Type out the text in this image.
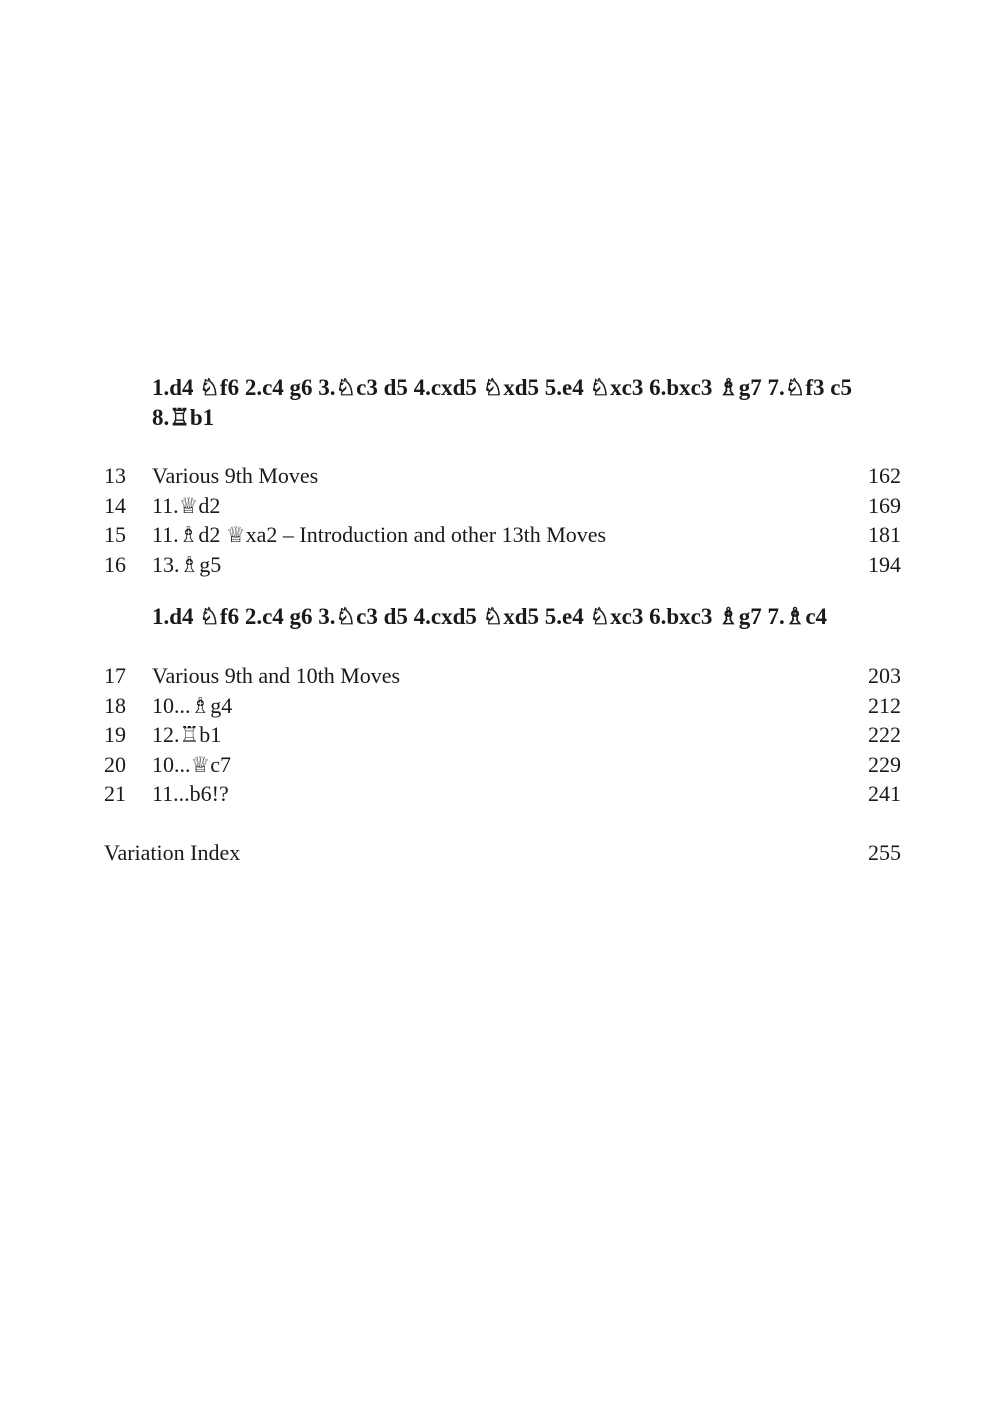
1.d4 ♘f6 2.c4 g6 3.♘c3 d5 4.cxd5 ♘xd5 5.e4 ♘xc3 6.bxc3 ♗g7 7.♘f3 c5 8.♖b1
13	Various 9th Moves	162
14	11.♕d2	169
15	11.♗d2 ♕xa2 – Introduction and other 13th Moves	181
16	13.♗g5	194
1.d4 ♘f6 2.c4 g6 3.♘c3 d5 4.cxd5 ♘xd5 5.e4 ♘xc3 6.bxc3 ♗g7 7.♗c4
17	Various 9th and 10th Moves	203
18	10...♗g4	212
19	12.♖b1	222
20	10...♕c7	229
21	11...b6!?	241
Variation Index	255
